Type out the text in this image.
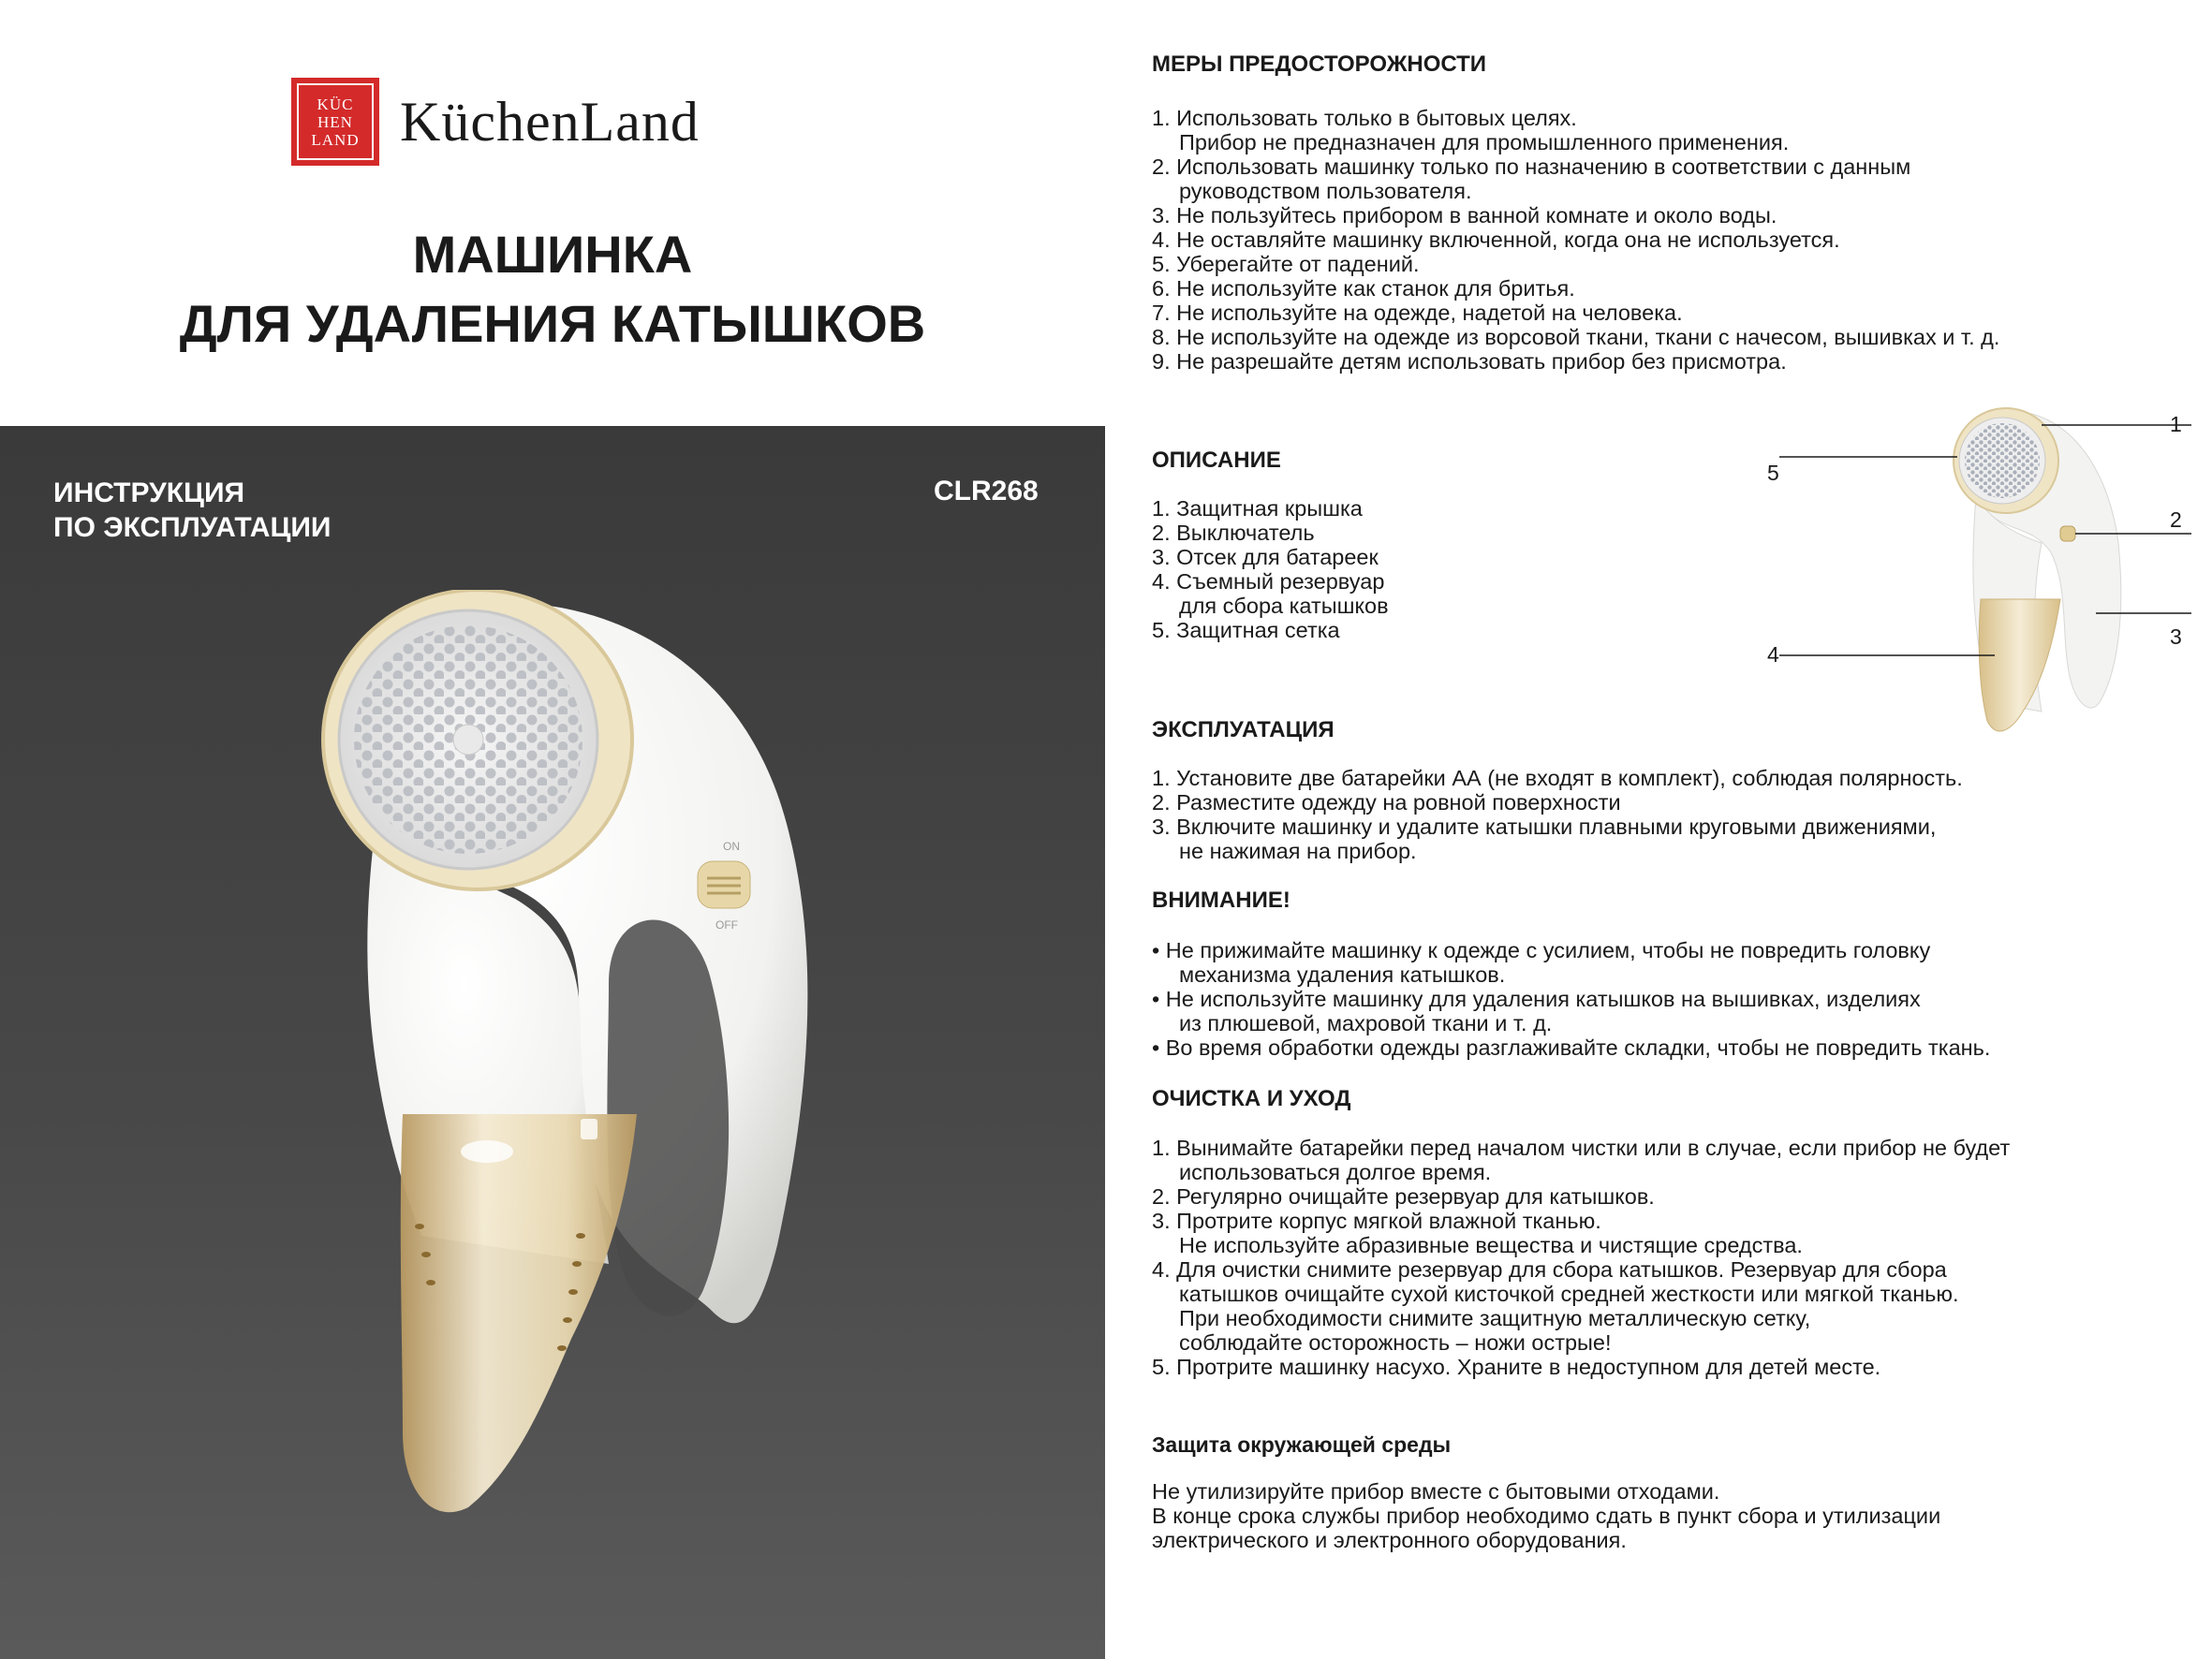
KÜC
HEN
LAND KüchenLand
МАШИНКА
ДЛЯ УДАЛЕНИЯ КАТЫШКОВ
ИНСТРУКЦИЯ
ПО ЭКСПЛУАТАЦИИ
CLR268
ON
OFF
МЕРЫ ПРЕДОСТОРОЖНОСТИ
1. Использовать только в бытовых целях.
Прибор не предназначен для промышленного применения.
2. Использовать машинку только по назначению в соответствии с данным
руководством пользователя.
3. Не пользуйтесь прибором в ванной комнате и около воды.
4. Не оставляйте машинку включенной, когда она не используется.
5. Уберегайте от падений.
6. Не используйте как станок для бритья.
7. Не используйте на одежде, надетой на человека.
8. Не используйте на одежде из ворсовой ткани, ткани с начесом, вышивках и т. д.
9. Не разрешайте детям использовать прибор без присмотра.
ОПИСАНИЕ
1. Защитная крышка
2. Выключатель
3. Отсек для батареек
4. Съемный резервуар
для сбора катышков
5. Защитная сетка
1
2
3
4
5
ЭКСПЛУАТАЦИЯ
1. Установите две батарейки АА (не входят в комплект), соблюдая полярность.
2. Разместите одежду на ровной поверхности
3. Включите машинку и удалите катышки плавными круговыми движениями,
не нажимая на прибор.
ВНИМАНИЕ!
• Не прижимайте машинку к одежде с усилием, чтобы не повредить головку
механизма удаления катышков.
• Не используйте машинку для удаления катышков на вышивках, изделиях
из плюшевой, махровой ткани и т. д.
• Во время обработки одежды разглаживайте складки, чтобы не повредить ткань.
ОЧИСТКА И УХОД
1. Вынимайте батарейки перед началом чистки или в случае, если прибор не будет
использоваться долгое время.
2. Регулярно очищайте резервуар для катышков.
3. Протрите корпус мягкой влажной тканью.
Не используйте абразивные вещества и чистящие средства.
4. Для очистки снимите резервуар для сбора катышков. Резервуар для сбора
катышков очищайте сухой кисточкой средней жесткости или мягкой тканью.
При необходимости снимите защитную металлическую сетку,
соблюдайте осторожность – ножи острые!
5. Протрите машинку насухо. Храните в недоступном для детей месте.
Защита окружающей среды
Не утилизируйте прибор вместе с бытовыми отходами.
В конце срока службы прибор необходимо сдать в пункт сбора и утилизации
электрического и электронного оборудования.
